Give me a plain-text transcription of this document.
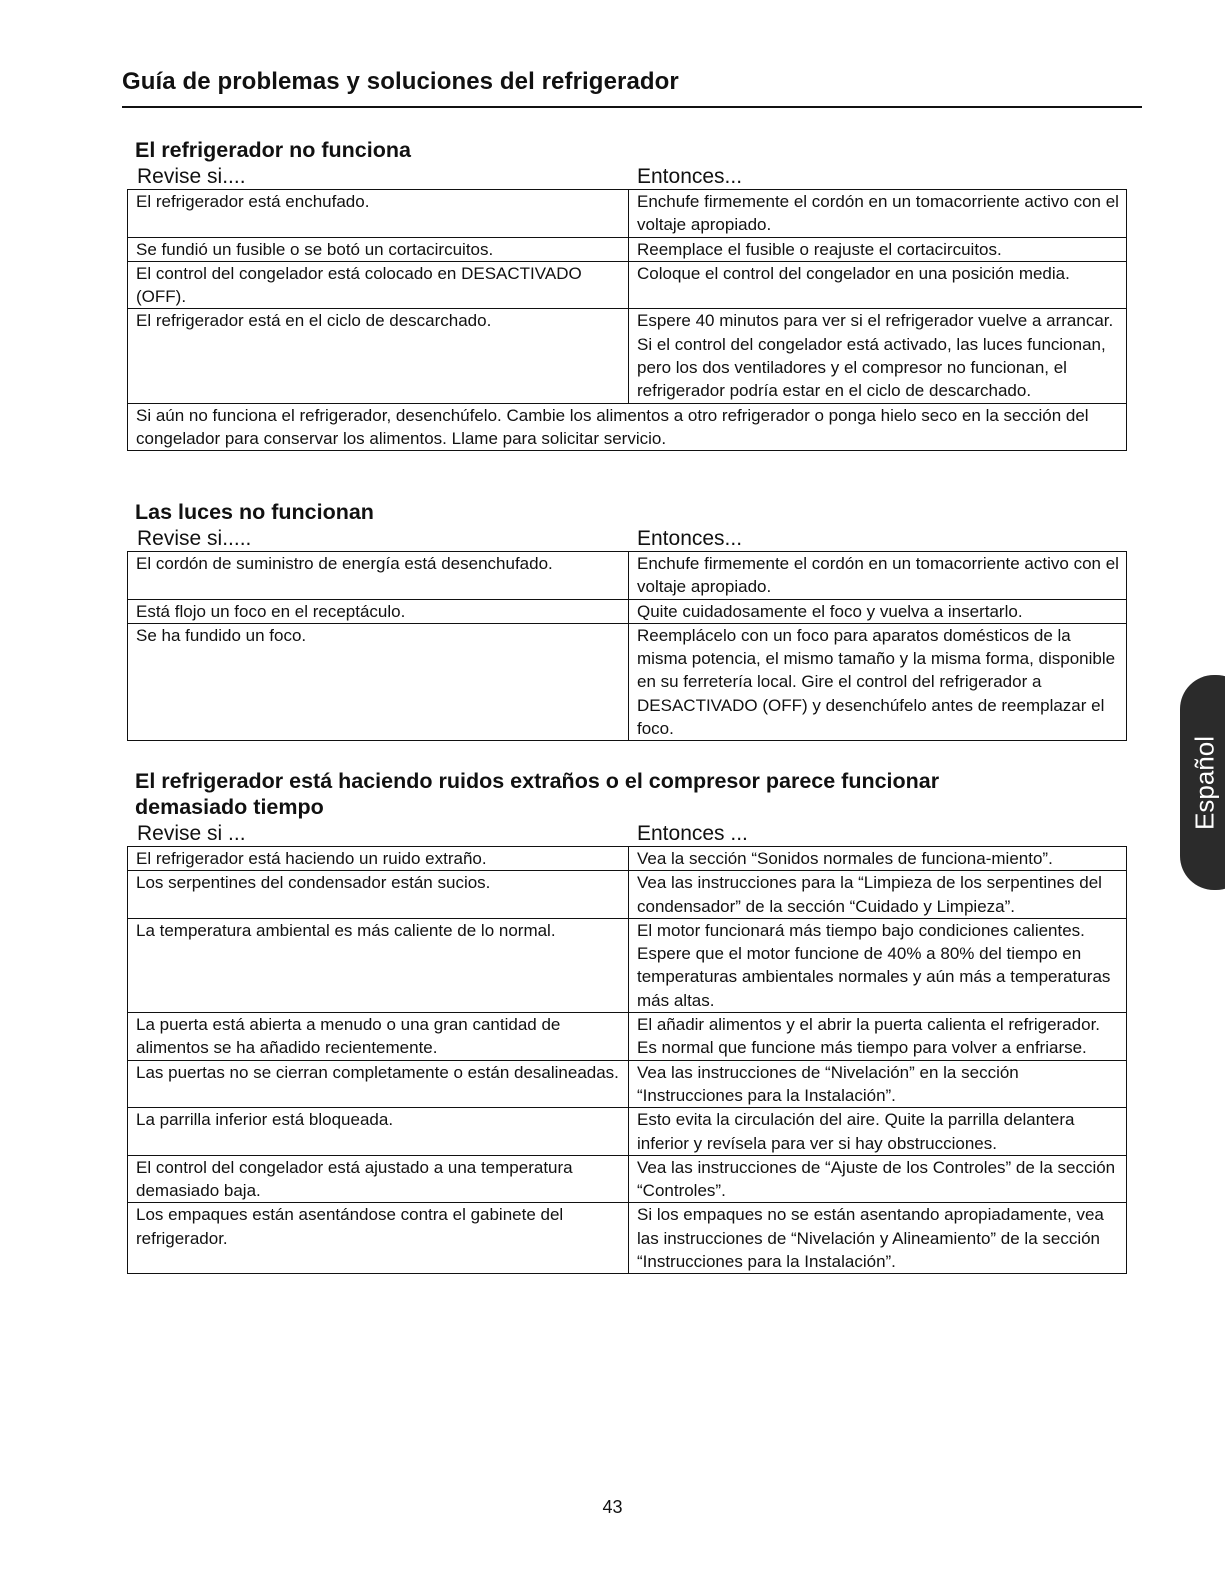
Guía de problemas y soluciones del refrigerador
El refrigerador no funciona
Revise si....	Entonces...
El refrigerador está enchufado.	Enchufe firmemente el cordón en un tomacorriente activo con el voltaje apropiado.
Se fundió un fusible o se botó un cortacircuitos.	Reemplace el fusible o reajuste el cortacircuitos.
El control del congelador está colocado en DESACTIVADO (OFF).	Coloque el control del congelador en una posición media.
El refrigerador está en el ciclo de descarchado.	Espere 40 minutos para ver si el refrigerador vuelve a arrancar. Si el control del congelador está activado, las luces funcionan, pero los dos ventiladores y el compresor no funcionan, el refrigerador podría estar en el ciclo de descarchado.
Si aún no funciona el refrigerador, desenchúfelo. Cambie los alimentos a otro refrigerador o ponga hielo seco en la sección del congelador para conservar los alimentos. Llame para solicitar servicio.	
Las luces no funcionan
Revise si.....	Entonces...
El cordón de suministro de energía está desenchufado.	Enchufe firmemente el cordón en un tomacorriente activo con el voltaje apropiado.
Está flojo un foco en el receptáculo.	Quite cuidadosamente el foco y vuelva a insertarlo.
Se ha fundido un foco.	Reemplácelo con un foco para aparatos domésticos de la misma potencia, el mismo tamaño y la misma forma, disponible en su ferretería local. Gire el control del refrigerador a DESACTIVADO (OFF) y desenchúfelo antes de reemplazar el foco.
El refrigerador está haciendo ruidos extraños o el compresor parece funcionar demasiado tiempo
Revise si ...	Entonces ...
El refrigerador está haciendo un ruido extraño.	Vea la sección “Sonidos normales de funciona-miento”.
Los serpentines del condensador están sucios.	Vea las instrucciones para la “Limpieza de los serpentines del condensador” de la sección “Cuidado y Limpieza”.
La temperatura ambiental es más caliente de lo normal.	El motor funcionará más tiempo bajo condiciones calientes. Espere que el motor funcione de 40% a 80% del tiempo en temperaturas ambientales normales y aún más a temperaturas más altas.
La puerta está abierta a menudo o una gran cantidad de alimentos se ha añadido recientemente.	El añadir alimentos y el abrir la puerta calienta el refrigerador. Es normal que funcione más tiempo para volver a enfriarse.
Las puertas no se cierran completamente o están desalineadas.	Vea las instrucciones de “Nivelación” en la sección “Instrucciones para la Instalación”.
La parrilla inferior está bloqueada.	Esto evita la circulación del aire. Quite la parrilla delantera inferior y revísela para ver si hay obstrucciones.
El control del congelador está ajustado a una temperatura demasiado baja.	Vea las instrucciones de “Ajuste de los Controles” de la sección “Controles”.
Los empaques están asentándose contra el gabinete del refrigerador.	Si los empaques no se están asentando apropiadamente, vea las instrucciones de “Nivelación y Alineamiento” de la sección “Instrucciones para la Instalación”.
Español
43
